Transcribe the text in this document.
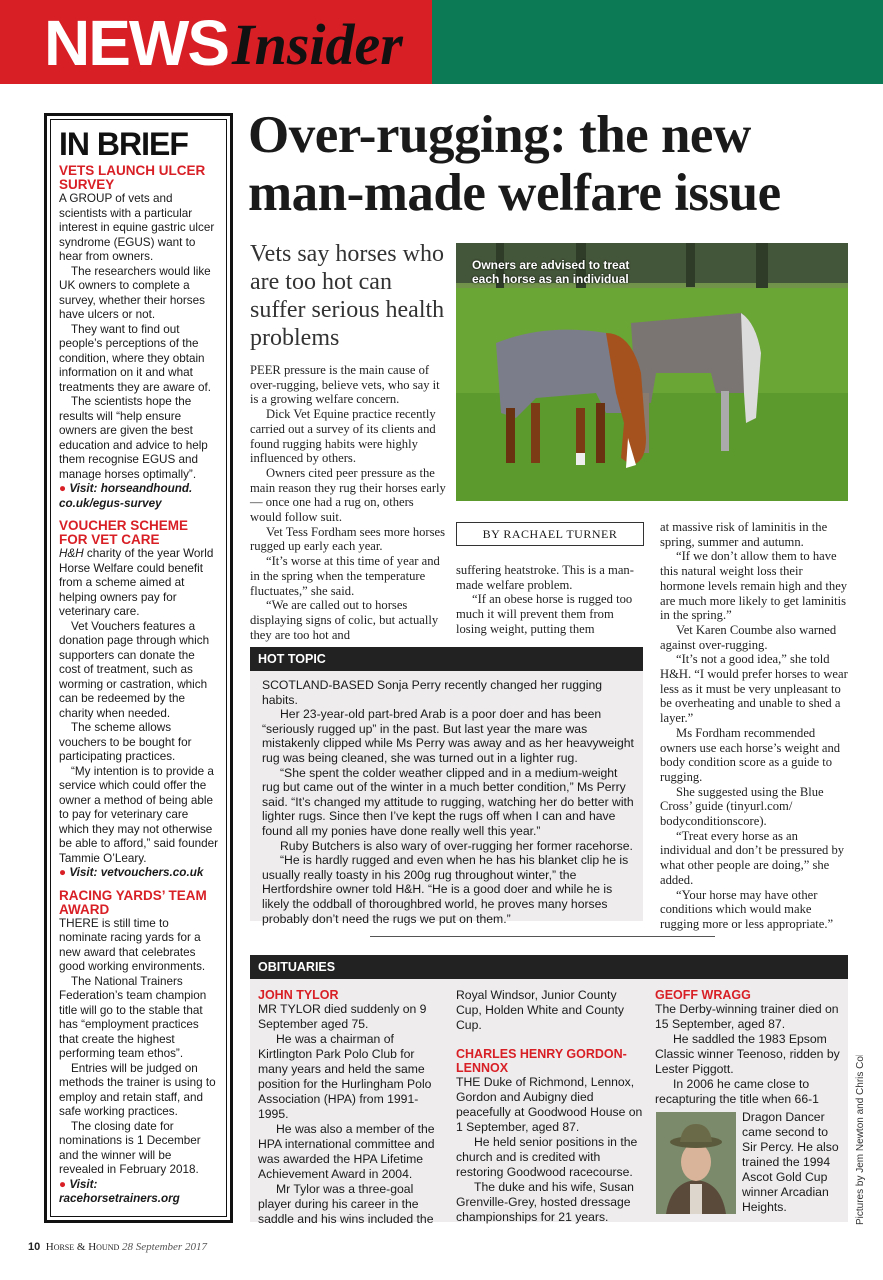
NEWS Insider
IN BRIEF
VETS LAUNCH ULCER SURVEY

A GROUP of vets and scientists with a particular interest in equine gastric ulcer syndrome (EGUS) want to hear from owners.

The researchers would like UK owners to complete a survey, whether their horses have ulcers or not.

They want to find out people’s perceptions of the condition, where they obtain information on it and what treatments they are aware of.

The scientists hope the results will “help ensure owners are given the best education and advice to help them recognise EGUS and manage horses optimally”.

● Visit: horseandhound. co.uk/egus-survey
VOUCHER SCHEME FOR VET CARE

H&H charity of the year World Horse Welfare could benefit from a scheme aimed at helping owners pay for veterinary care.

Vet Vouchers features a donation page through which supporters can donate the cost of treatment, such as worming or castration, which can be redeemed by the charity when needed.

The scheme allows vouchers to be bought for participating practices.

“My intention is to provide a service which could offer the owner a method of being able to pay for veterinary care which they may not otherwise be able to afford,” said founder Tammie O’Leary.

● Visit: vetvouchers.co.uk
RACING YARDS’ TEAM AWARD

THERE is still time to nominate racing yards for a new award that celebrates good working environments.

The National Trainers Federation’s team champion title will go to the stable that has “employment practices that create the highest performing team ethos”.

Entries will be judged on methods the trainer is using to employ and retain staff, and safe working practices.

The closing date for nominations is 1 December and the winner will be revealed in February 2018.

● Visit: racehorsetrainers.org
Over-rugging: the new man-made welfare issue
Vets say horses who are too hot can suffer serious health problems
Owners are advised to treat each horse as an individual

PEER pressure is the main cause of over-rugging, believe vets, who say it is a growing welfare concern.

Dick Vet Equine practice recently carried out a survey of its clients and found rugging habits were highly influenced by others.

Owners cited peer pressure as the main reason they rug their horses early — once one had a rug on, others would follow suit.

Vet Tess Fordham sees more horses rugged up early each year.

“It’s worse at this time of year and in the spring when the temperature fluctuates,” she said.

“We are called out to horses displaying signs of colic, but actually they are too hot and

BY RACHAEL TURNER

suffering heatstroke. This is a man-made welfare problem.

“If an obese horse is rugged too much it will prevent them from losing weight, putting them

at massive risk of laminitis in the spring, summer and autumn.

“If we don’t allow them to have this natural weight loss their hormone levels remain high and they are much more likely to get laminitis in the spring.”

Vet Karen Coumbe also warned against over-rugging.

“It’s not a good idea,” she told H&H. “I would prefer horses to wear less as it must be very unpleasant to be overheating and unable to shed a layer.”

Ms Fordham recommended owners use each horse’s weight and body condition score as a guide to rugging.

She suggested using the Blue Cross’ guide (tinyurl.com/ bodyconditionscore).

“Treat every horse as an individual and don’t be pressured by what other people are doing,” she added.

“Your horse may have other conditions which would make rugging more or less appropriate.”

HOT TOPIC

SCOTLAND-BASED Sonja Perry recently changed her rugging habits.

Her 23-year-old part-bred Arab is a poor doer and has been “seriously rugged up” in the past. But last year the mare was mistakenly clipped while Ms Perry was away and as her heavyweight rug was being cleaned, she was turned out in a lighter rug.

“She spent the colder weather clipped and in a medium-weight rug but came out of the winter in a much better condition,” Ms Perry said. “It’s changed my attitude to rugging, watching her do better with lighter rugs. Since then I’ve kept the rugs off when I can and have found all my ponies have done really well this year.”

Ruby Butchers is also wary of over-rugging her former racehorse.

“He is hardly rugged and even when he has his blanket clip he is usually really toasty in his 200g rug throughout winter,” the Hertfordshire owner told H&H. “He is a good doer and while he is likely the oddball of thoroughbred world, he proves many horses probably don’t need the rugs we put on them.”

OBITUARIES
JOHN TYLOR

MR TYLOR died suddenly on 9 September aged 75.

He was a chairman of Kirtlington Park Polo Club for many years and held the same position for the Hurlingham Polo Association (HPA) from 1991-1995.

He was also a member of the HPA international committee and was awarded the HPA Lifetime Achievement Award in 2004.

Mr Tylor was a three-goal player during his career in the saddle and his wins included the

Royal Windsor, Junior County Cup, Holden White and County Cup.

CHARLES HENRY GORDON-LENNOX

THE Duke of Richmond, Lennox, Gordon and Aubigny died peacefully at Goodwood House on 1 September, aged 87.

He held senior positions in the church and is credited with restoring Goodwood racecourse.

The duke and his wife, Susan Grenville-Grey, hosted dressage championships for 21 years.

GEOFF WRAGG

The Derby-winning trainer died on 15 September, aged 87.

He saddled the 1983 Epsom Classic winner Teenoso, ridden by Lester Piggott.

In 2006 he came close to recapturing the title when 66-1

Dragon Dancer came second to Sir Percy. He also trained the 1994 Ascot Gold Cup winner Arcadian Heights.	Pictures by Jem Newton and Chris Cole
10 Horse & Hound 28 September 2017
